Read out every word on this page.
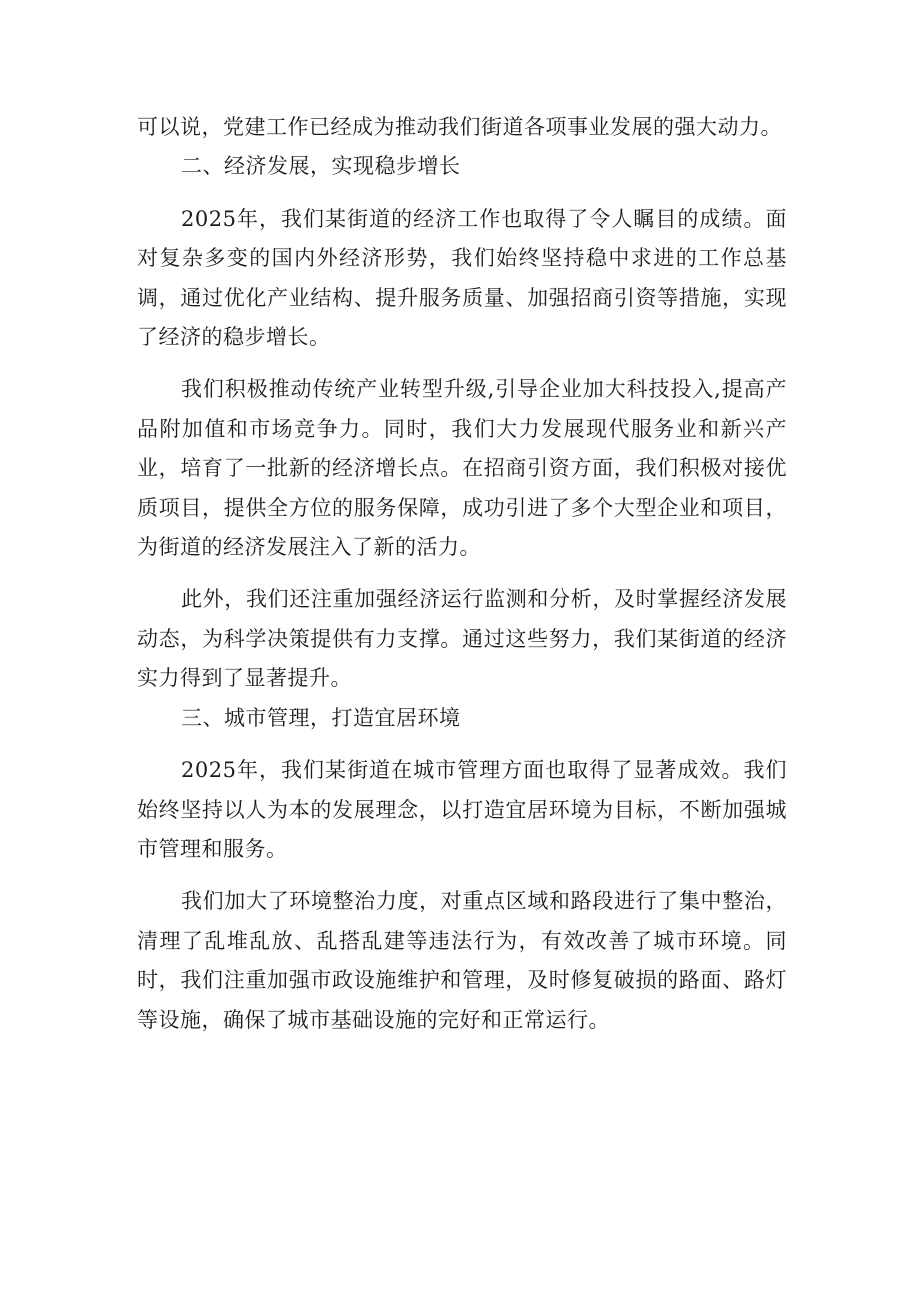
可以说，党建工作已经成为推动我们街道各项事业发展的强大动力。

二、经济发展，实现稳步增长

2025年，我们某街道的经济工作也取得了令人瞩目的成绩。面对复杂多变的国内外经济形势，我们始终坚持稳中求进的工作总基调，通过优化产业结构、提升服务质量、加强招商引资等措施，实现了经济的稳步增长。

我们积极推动传统产业转型升级,引导企业加大科技投入,提高产品附加值和市场竞争力。同时，我们大力发展现代服务业和新兴产业，培育了一批新的经济增长点。在招商引资方面，我们积极对接优质项目，提供全方位的服务保障，成功引进了多个大型企业和项目，为街道的经济发展注入了新的活力。

此外，我们还注重加强经济运行监测和分析，及时掌握经济发展动态，为科学决策提供有力支撑。通过这些努力，我们某街道的经济实力得到了显著提升。

三、城市管理，打造宜居环境

2025年，我们某街道在城市管理方面也取得了显著成效。我们始终坚持以人为本的发展理念，以打造宜居环境为目标，不断加强城市管理和服务。

我们加大了环境整治力度，对重点区域和路段进行了集中整治，清理了乱堆乱放、乱搭乱建等违法行为，有效改善了城市环境。同时，我们注重加强市政设施维护和管理，及时修复破损的路面、路灯等设施，确保了城市基础设施的完好和正常运行。
